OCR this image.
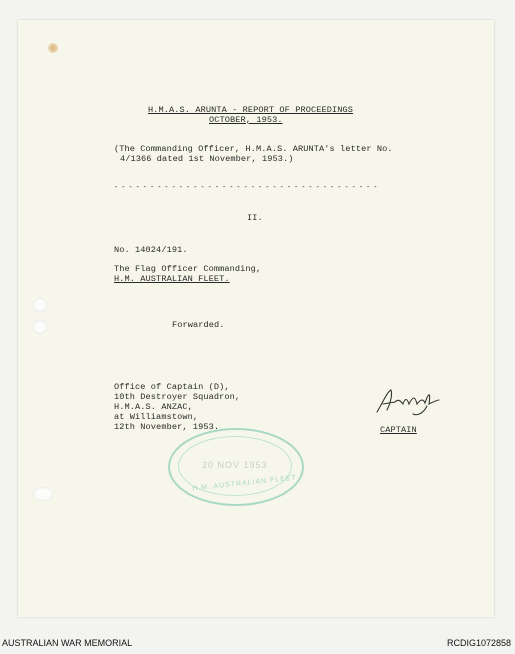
H.M.A.S. ARUNTA - REPORT OF PROCEEDINGS
OCTOBER, 1953.
(The Commanding Officer, H.M.A.S. ARUNTA's letter No.
4/1366 dated 1st November, 1953.)
- - - - - - - - - - - - - - - - - - - - - - - - - - - - - - - - - - - - -
II.
No. 14024/191.
The Flag Officer Commanding,
H.M. AUSTRALIAN FLEET.
Forwarded.
Office of Captain (D),
10th Destroyer Squadron,
H.M.A.S. ANZAC,
at Williamstown,
12th November, 1953.	CAPTAIN
20 NOV 1953
H.M. AUSTRALIAN FLEET
AUSTRALIAN WAR MEMORIAL	RCDIG1072858
